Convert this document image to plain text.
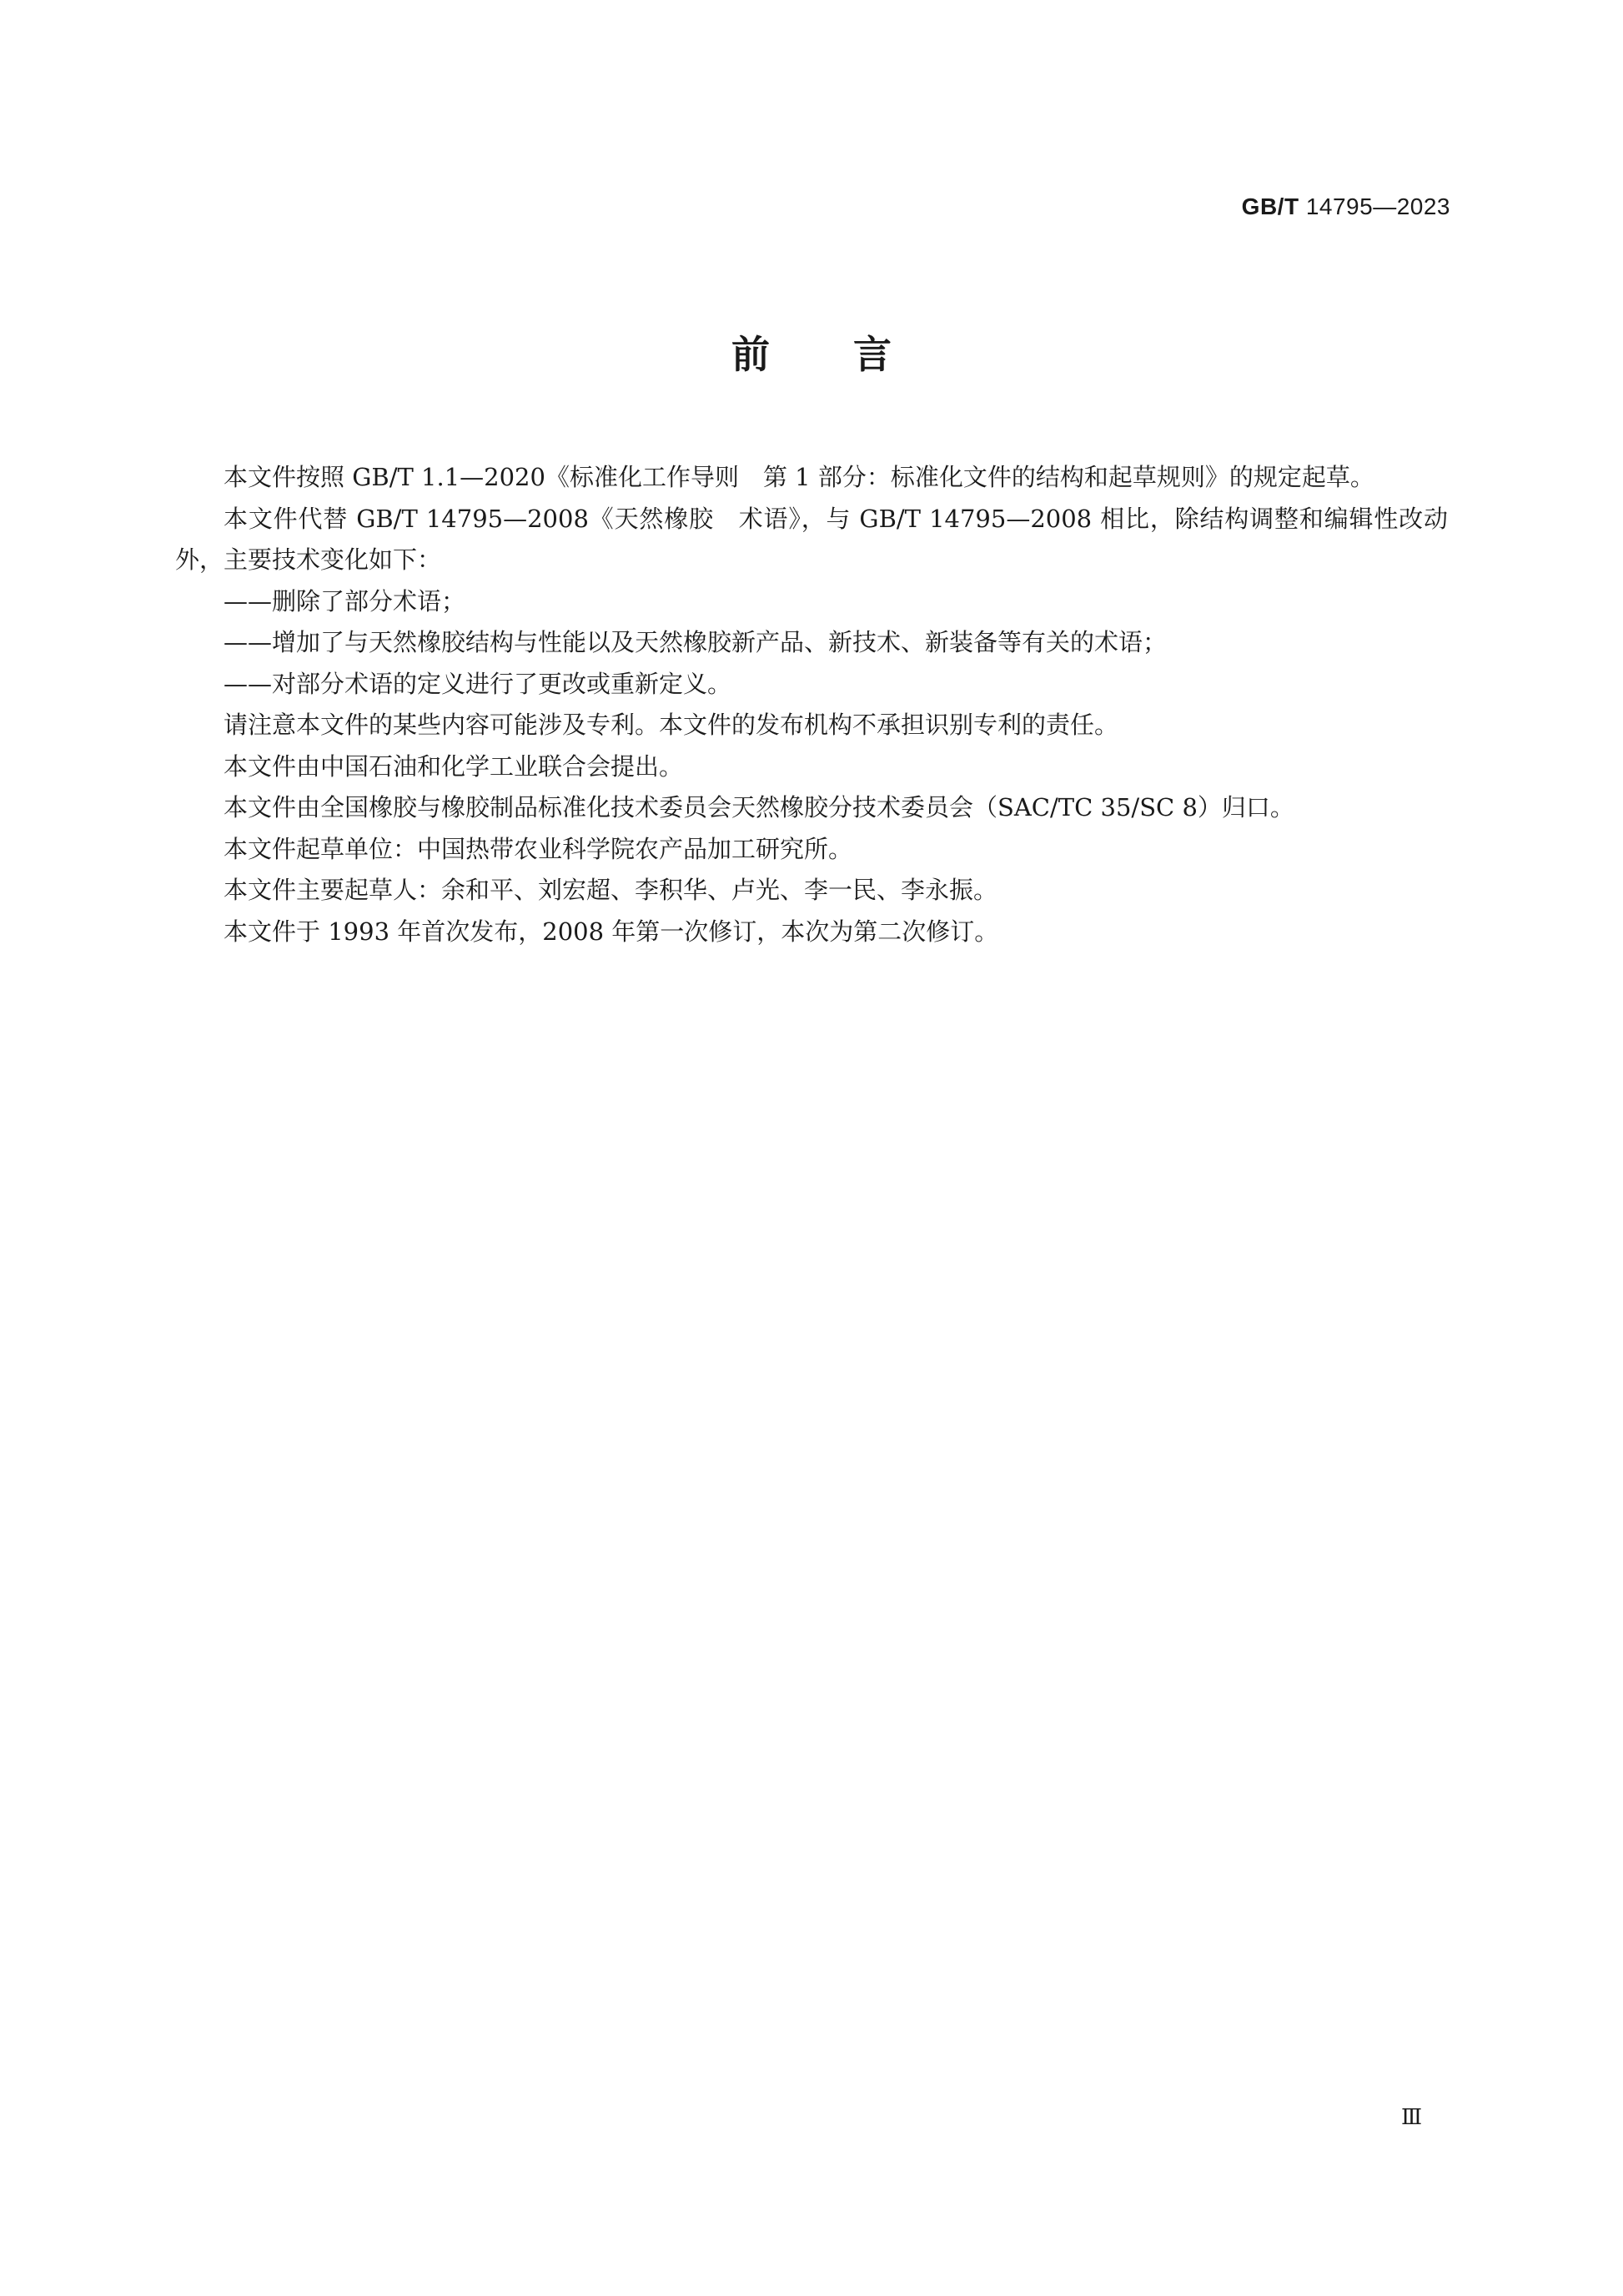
GB/T 14795—2023
前言

本文件按照 GB/T 1.1—2020《标准化工作导则　第 1 部分：标准化文件的结构和起草规则》的规定起草。

本文件代替 GB/T 14795—2008《天然橡胶　术语》，与 GB/T 14795—2008 相比，除结构调整和编辑性改动外，主要技术变化如下：

——删除了部分术语；

——增加了与天然橡胶结构与性能以及天然橡胶新产品、新技术、新装备等有关的术语；

——对部分术语的定义进行了更改或重新定义。

请注意本文件的某些内容可能涉及专利。本文件的发布机构不承担识别专利的责任。

本文件由中国石油和化学工业联合会提出。

本文件由全国橡胶与橡胶制品标准化技术委员会天然橡胶分技术委员会（SAC/TC 35/SC 8）归口。

本文件起草单位：中国热带农业科学院农产品加工研究所。

本文件主要起草人：余和平、刘宏超、李积华、卢光、李一民、李永振。

本文件于 1993 年首次发布，2008 年第一次修订，本次为第二次修订。

Ⅲ
